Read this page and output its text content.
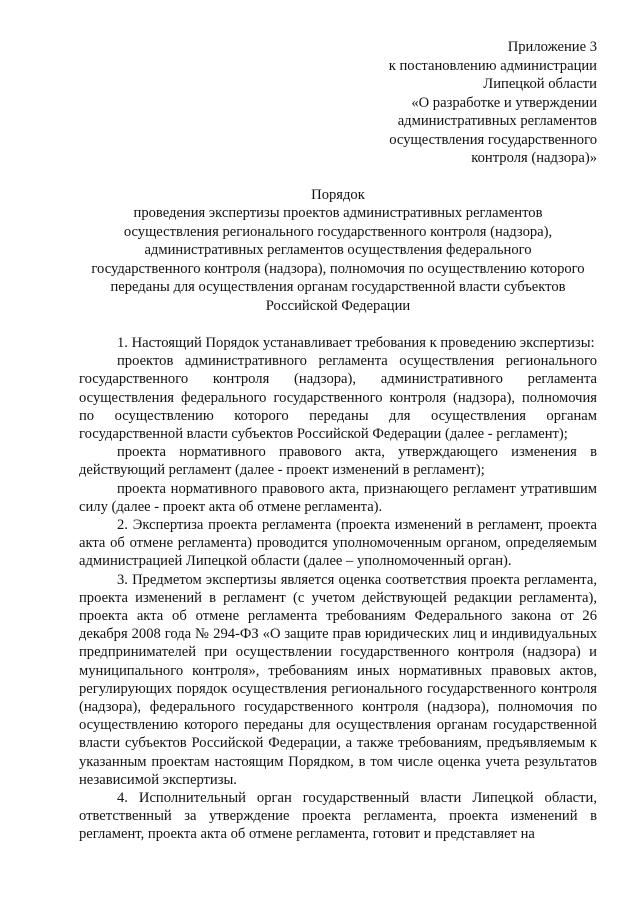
Приложение 3
к постановлению администрации
Липецкой области
«О разработке и утверждении
административных регламентов
осуществления государственного
контроля (надзора)»
Порядок
проведения экспертизы проектов административных регламентов
осуществления регионального государственного контроля (надзора),
административных регламентов осуществления федерального
государственного контроля (надзора), полномочия по осуществлению которого
переданы для осуществления органам государственной власти субъектов
Российской Федерации

1. Настоящий Порядок устанавливает требования к проведению экспертизы:

проектов административного регламента осуществления регионального государственного контроля (надзора), административного регламента осуществления федерального государственного контроля (надзора), полномочия по осуществлению которого переданы для осуществления органам государственной власти субъектов Российской Федерации (далее - регламент);

проекта нормативного правового акта, утверждающего изменения в действующий регламент (далее - проект изменений в регламент);

проекта нормативного правового акта, признающего регламент утратившим силу (далее - проект акта об отмене регламента).

2. Экспертиза проекта регламента (проекта изменений в регламент, проекта акта об отмене регламента) проводится уполномоченным органом, определяемым администрацией Липецкой области (далее – уполномоченный орган).

3. Предметом экспертизы является оценка соответствия проекта регламента, проекта изменений в регламент (с учетом действующей редакции регламента), проекта акта об отмене регламента требованиям Федерального закона от 26 декабря 2008 года № 294-ФЗ «О защите прав юридических лиц и индивидуальных предпринимателей при осуществлении государственного контроля (надзора) и муниципального контроля», требованиям иных нормативных правовых актов, регулирующих порядок осуществления регионального государственного контроля (надзора), федерального государственного контроля (надзора), полномочия по осуществлению которого переданы для осуществления органам государственной власти субъектов Российской Федерации, а также требованиям, предъявляемым к указанным проектам настоящим Порядком, в том числе оценка учета результатов независимой экспертизы.

4. Исполнительный орган государственный власти Липецкой области, ответственный за утверждение проекта регламента, проекта изменений в регламент, проекта акта об отмене регламента, готовит и представляет на
